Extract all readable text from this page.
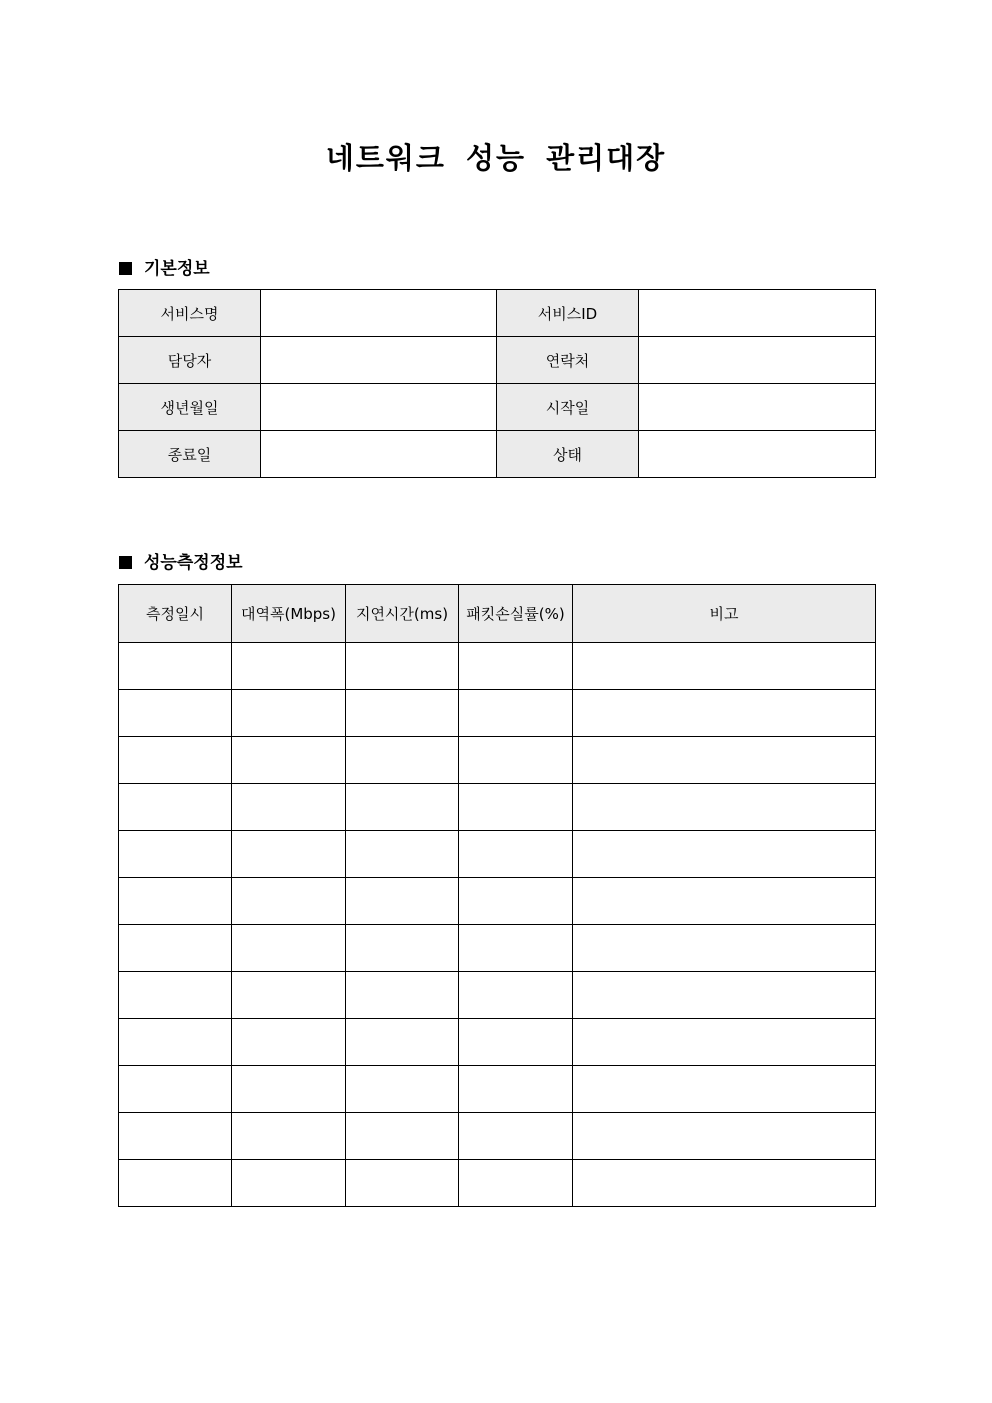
네트워크 성능 관리대장
기본정보
서비스명		서비스ID	
담당자		연락처	
생년월일		시작일	
종료일		상태	
성능측정정보
측정일시	대역폭(Mbps)	지연시간(ms)	패킷손실률(%)	비고
